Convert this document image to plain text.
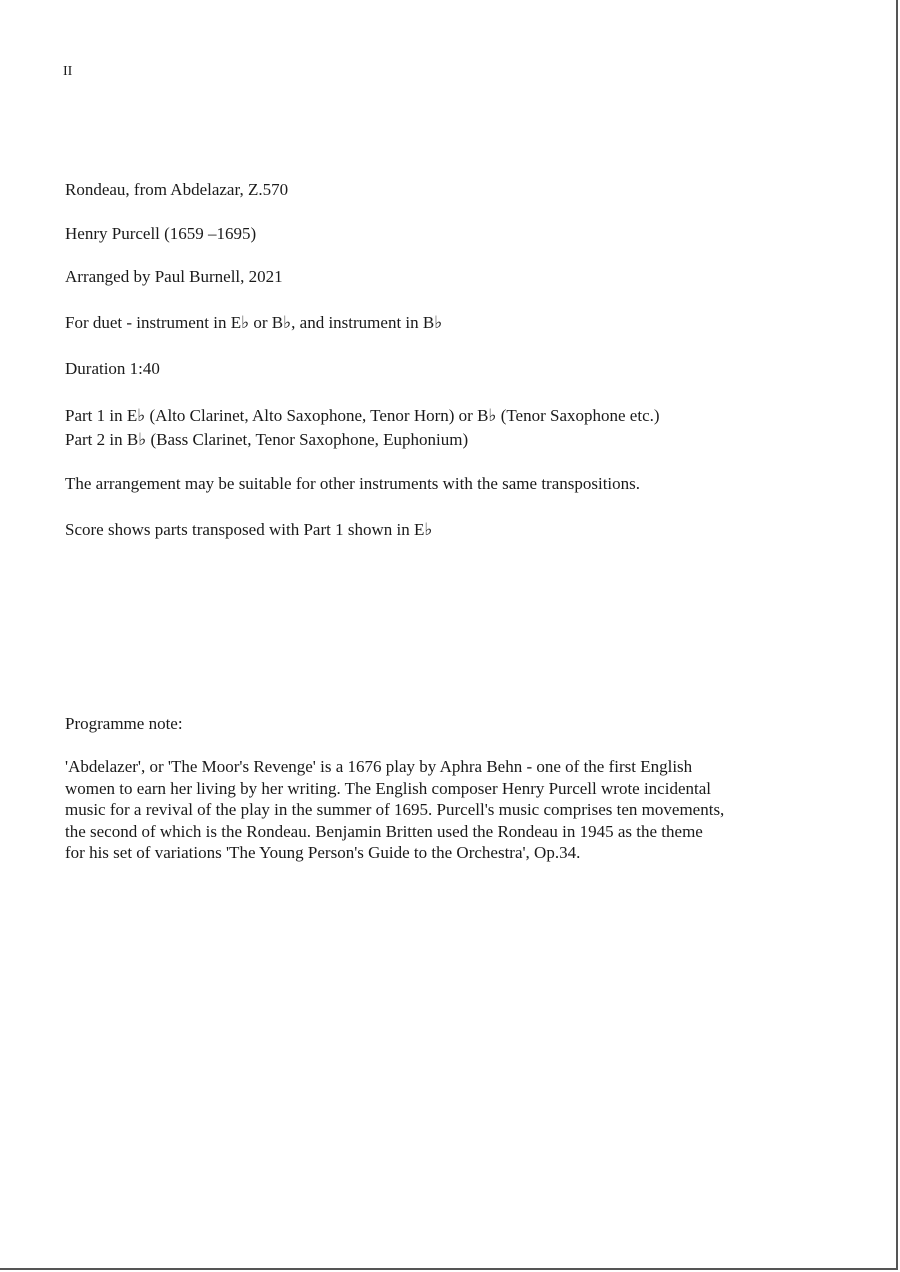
II
Rondeau, from Abdelazar, Z.570
Henry Purcell (1659 –1695)
Arranged by Paul Burnell, 2021
For duet - instrument in E♭ or B♭, and instrument in B♭
Duration 1:40
Part 1 in E♭ (Alto Clarinet, Alto Saxophone, Tenor Horn) or B♭ (Tenor Saxophone etc.)
Part 2 in B♭ (Bass Clarinet, Tenor Saxophone, Euphonium)
The arrangement may be suitable for other instruments with the same transpositions.
Score shows parts transposed with Part 1 shown in E♭
Programme note:
'Abdelazer', or 'The Moor's Revenge' is a 1676 play by Aphra Behn - one of the first English
women to earn her living by her writing. The English composer Henry Purcell wrote incidental
music for a revival of the play in the summer of 1695. Purcell's music comprises ten movements,
the second of which is the Rondeau. Benjamin Britten used the Rondeau in 1945 as the theme
for his set of variations 'The Young Person's Guide to the Orchestra', Op.34.
